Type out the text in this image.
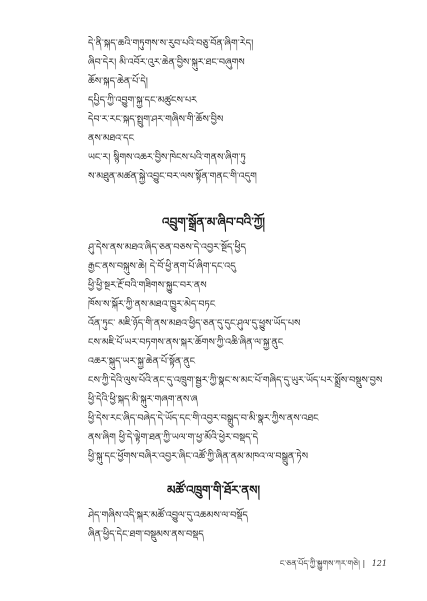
དེ་ནི་སྐད་ཆའི་གཏུགས་ས་རུབ་པའི་བཅུ་བོན་ཞིག་རེད།
ཞིབ་དེར། མི་འབོར་འུར་ཆེན་བྱིས་སྐུར་ཐང་བཞུགས
ཆོས་སྐད་ཆེན་པོ་དེ།
དཔྱིད་ཀྱི་འབྱུག་སྐྱ་དང་མཚུངས་པར
དེབ་ར་རང་སྐད་སྤྲུག་ཤར་གཞིས་གི་ཆོས་བྱིས
ནས་མཐའ་དང
ཡང་ར། སྙིགས་འཆར་བྱིས་ཁེངས་པའི་གནས་ཞིག་ཏུ
ས་མཐུན་མཚན་སྐྱེ་འབྱུང་བར་ལས་སྟོན་གནང་གི་འདུག
འབྲུག་སྒྲོན་མ་ཞིབ་བའི་ཀྱོ།
ཤུ་དེས་ནས་མཐའ་ཞིད་ཅན་བཅས་དེ་འབྱར་སྔོད་ཕྱིད
རྒྱང་ནས་བསྐུས་ཆེ། དེ་བོ་ཕྱི་ནག་པོ་ཞིག་དང་འདུ
ཕྱི་ཕྱི་སྔར་རྔོ་བའི་གཟིགས་སྐྱུང་བར་ནས
ཁོས་ས་སྐོར་ཀྱི་ནས་མཐའ་ཁྱུར་མེད་བཏང
འོན་ཏུང་ མཇི་ཉོད་གི་ནས་མཐའ་ཕྱིད་ཅན་དུ་དུང་ཤུལ་དུ་ཕྱུས་ཡོད་པས
ངས་མཇི་པོ་ཡར་བཏགས་ནས་སྐར་ཆོགས་ཀྱི་འཆི་ཞིན་ལ་སྐྱ་ནུང
འཆར་སྐུད་ཡར་སྐྱ་ཆེན་པོ་སྟོན་ནུང
ངས་ཀྱི་དེའི་ལུས་པོའི་ནང་དུ་འཁྲུག་སྦྱར་ཀྱི་སྣང་ས་མང་པོ་གཞིད་དུ་ཡུར་ཡོད་པར་སྨྲོས་བསྡུས་བྱས
ཕྱི་དེའི་ཕྱི་སྐད་མི་སྐུར་གཞག་ནས་ཞ
ཕྱི་དེས་རང་ཞིད་བཞེད་དེ་ཡོད་དང་གི་འབྱར་བསྒྲུད་བ་མི་སྣར་ཀྱིས་ནས་འཐང
ནས་ཞིག ཕྱི་དེ་ལྟེག་ཐན་ཀྱི་ཡལ་ག་ཕྱ་མོའི་ཕྱེར་བསྡད་དེ
ཕྱི་སྐུ་དང་ཕྱོགས་བཞིར་འབྱར་ཞིང་འཚོ་ཀྱི་ཞིན་ནམ་མཁའ་ལ་བསྒྲུན་ཏེས
མཚོ་འཁྲུག་གི་ཐོར་ནས།
ཤེད་གཞིས་འདི་སྐར་མཚོ་འབྱུལ་དུ་འཆམས་ལ་བསྡོད
ཞིན་ཕྱིད་དེང་ཐག་བསྡུམས་ནས་བསྡད
ང་ཅན་པོད་ཀྱི་སྐྱུགས་ཀར་གཅེ། | 121
